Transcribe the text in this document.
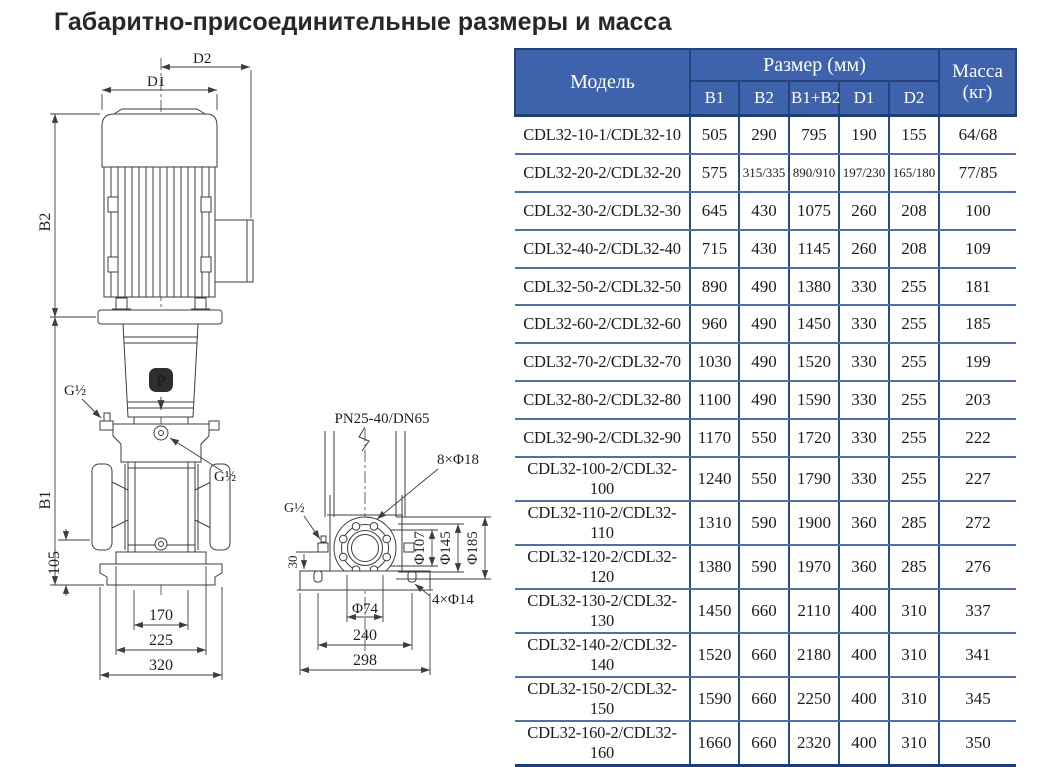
Габаритно-присоединительные размеры и масса
P
D2
D1
B2
B1
105
G½
G½
170
225
320
PN25-40/DN65
8×Φ18
G½
30	Φ107 Φ145 Φ185
4×Φ14
Φ74
240
298
Модель	Размер (мм)					Масса
(кг)

	B1	B2	B1+B2	D1	D2	
CDL32-10-1/CDL32-10	505	290	795	190	155	64/68
CDL32-20-2/CDL32-20	575	315/335	890/910	197/230	165/180	77/85
CDL32-30-2/CDL32-30	645	430	1075	260	208	100
CDL32-40-2/CDL32-40	715	430	1145	260	208	109
CDL32-50-2/CDL32-50	890	490	1380	330	255	181
CDL32-60-2/CDL32-60	960	490	1450	330	255	185
CDL32-70-2/CDL32-70	1030	490	1520	330	255	199
CDL32-80-2/CDL32-80	1100	490	1590	330	255	203
CDL32-90-2/CDL32-90	1170	550	1720	330	255	222
CDL32-100-2/CDL32-100	1240	550	1790	330	255	227
CDL32-110-2/CDL32-110	1310	590	1900	360	285	272
CDL32-120-2/CDL32-120	1380	590	1970	360	285	276
CDL32-130-2/CDL32-130	1450	660	2110	400	310	337
CDL32-140-2/CDL32-140	1520	660	2180	400	310	341
CDL32-150-2/CDL32-150	1590	660	2250	400	310	345
CDL32-160-2/CDL32-160	1660	660	2320	400	310	350
